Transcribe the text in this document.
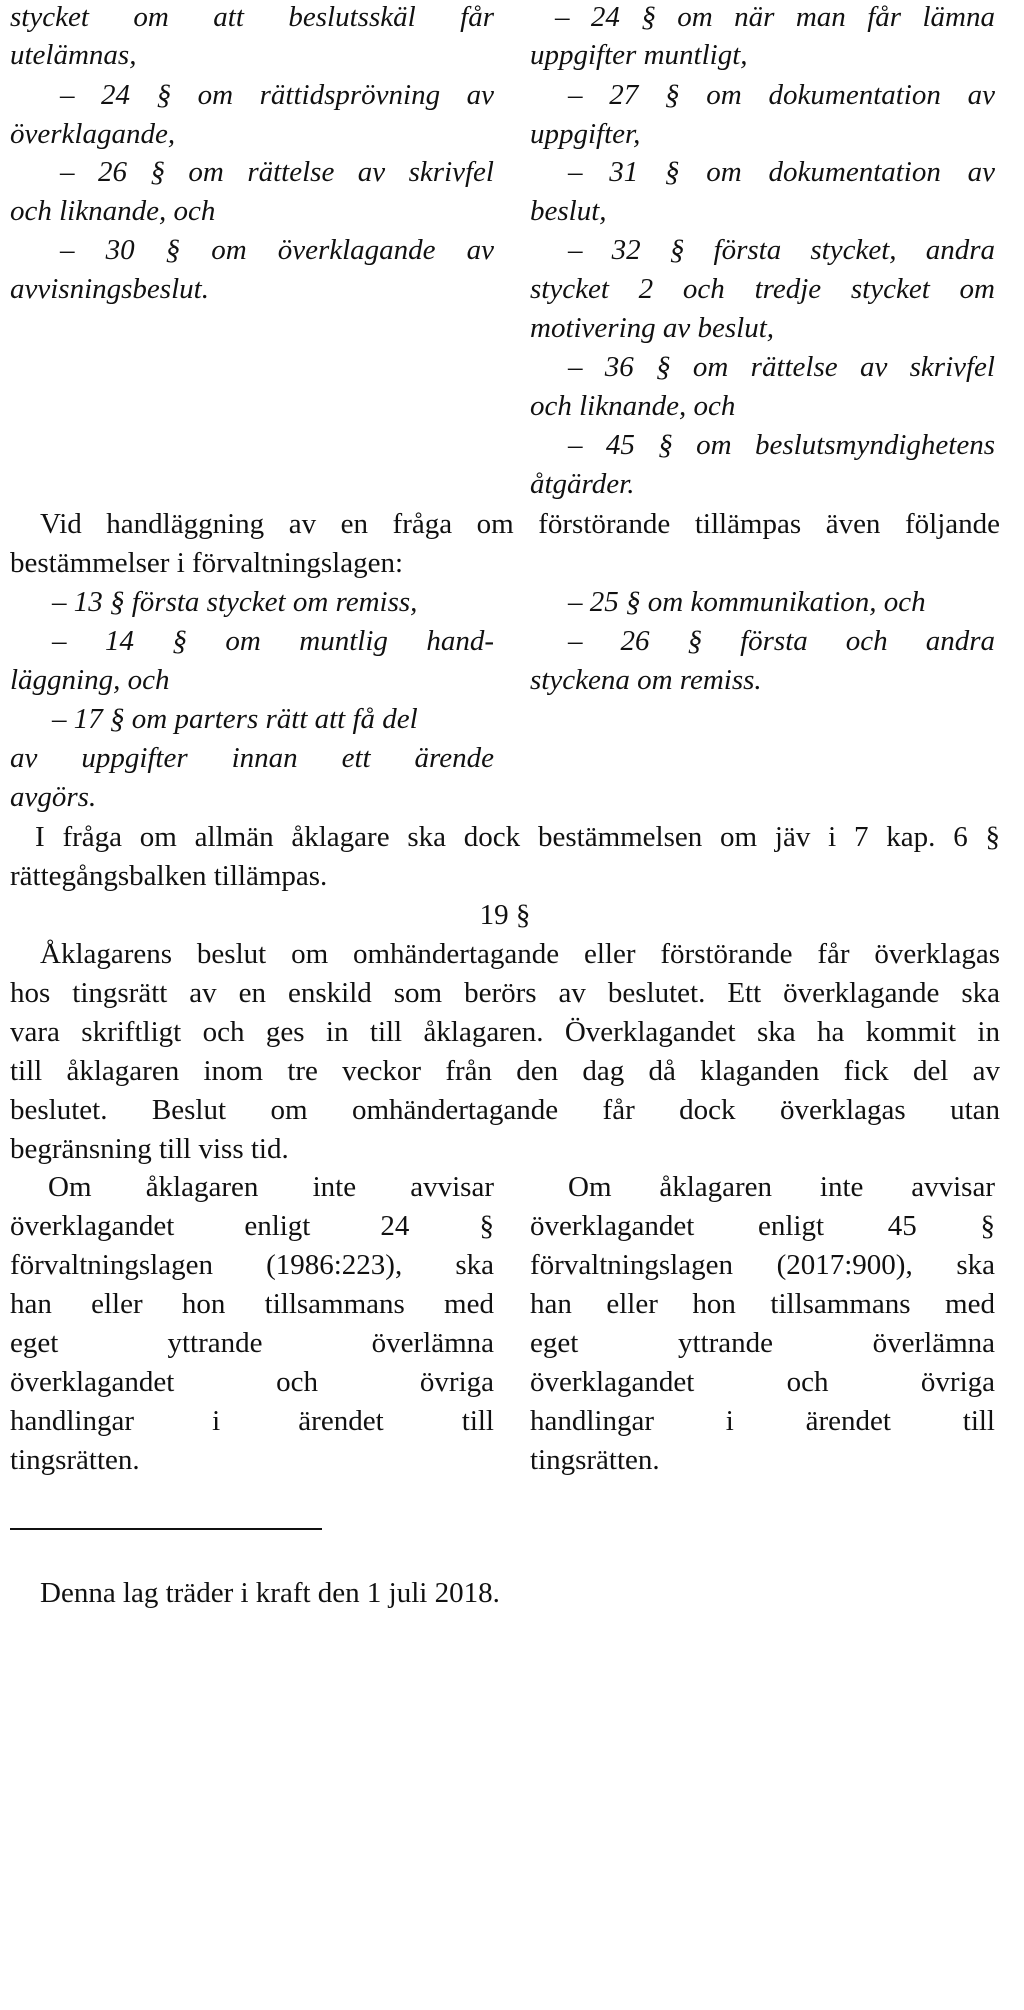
stycket om att beslutsskäl får
utelämnas,
– 24 § om rättidsprövning av
överklagande,
– 26 § om rättelse av skrivfel
och liknande, och
– 30 § om överklagande av
avvisningsbeslut.
– 24 § om när man får lämna
uppgifter muntligt,
– 27 § om dokumentation av
uppgifter,
– 31 § om dokumentation av
beslut,
– 32 § första stycket, andra
stycket 2 och tredje stycket om
motivering av beslut,
– 36 § om rättelse av skrivfel
och liknande, och
– 45 § om beslutsmyndighetens
åtgärder.
Vid handläggning av en fråga om förstörande tillämpas även följande
bestämmelser i förvaltningslagen:
– 13 § första stycket om remiss,
– 14 § om muntlig hand-
läggning, och
– 17 § om parters rätt att få del
av uppgifter innan ett ärende
avgörs.
– 25 § om kommunikation, och
– 26 § första och andra
styckena om remiss.
I fråga om allmän åklagare ska dock bestämmelsen om jäv i 7 kap. 6 §
rättegångsbalken tillämpas.
19 §
Åklagarens beslut om omhändertagande eller förstörande får överklagas
hos tingsrätt av en enskild som berörs av beslutet. Ett överklagande ska
vara skriftligt och ges in till åklagaren. Överklagandet ska ha kommit in
till åklagaren inom tre veckor från den dag då klaganden fick del av
beslutet. Beslut om omhändertagande får dock överklagas utan
begränsning till viss tid.
Om åklagaren inte avvisar
överklagandet enligt 24 §
förvaltningslagen (1986:223), ska
han eller hon tillsammans med
eget yttrande överlämna
överklagandet och övriga
handlingar i ärendet till
tingsrätten.
Om åklagaren inte avvisar
överklagandet enligt 45 §
förvaltningslagen (2017:900), ska
han eller hon tillsammans med
eget yttrande överlämna
överklagandet och övriga
handlingar i ärendet till
tingsrätten.
Denna lag träder i kraft den 1 juli 2018.
